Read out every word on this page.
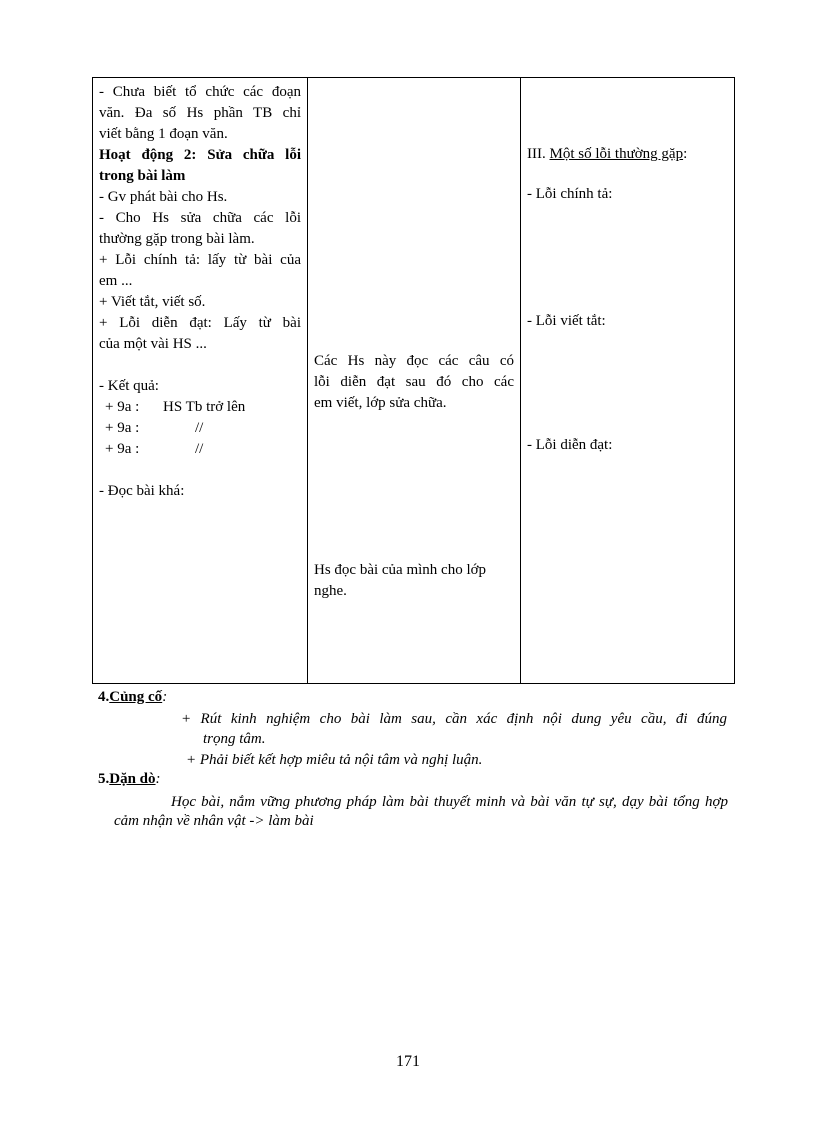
- Chưa biết tổ chức các đoạn
văn. Đa số Hs phần TB chỉ
viết bằng 1 đoạn văn.
Hoạt động 2: Sửa chữa lỗi
trong bài làm
- Gv phát bài cho Hs.
- Cho Hs sửa chữa các lỗi
thường gặp trong bài làm.
+ Lỗi chính tả: lấy từ bài của
em ...
+ Viết tắt, viết số.
+ Lỗi diễn đạt: Lấy từ bài
của một vài HS ...
- Kết quả:
+ 9a : HS Tb trở lên
+ 9a :	//
+ 9a :	//
- Đọc bài khá:
Các Hs này đọc các câu có
lỗi diễn đạt sau đó cho các
em viết, lớp sửa chữa.
Hs đọc bài của mình cho lớp
nghe.
III. Một số lỗi thường gặp:
- Lỗi chính tả:
- Lỗi viết tắt:
- Lỗi diễn đạt:
4.Củng cố:
+ Rút kinh nghiệm cho bài làm sau, cần xác định nội dung yêu cầu, đi đúng
trọng tâm.
+ Phải biết kết hợp miêu tả nội tâm và nghị luận.
5.Dặn dò:
Học bài, nắm vững phương pháp làm bài thuyết minh và bài văn tự sự, dạy bài tổng hợp
cảm nhận về nhân vật -> làm bài
171
